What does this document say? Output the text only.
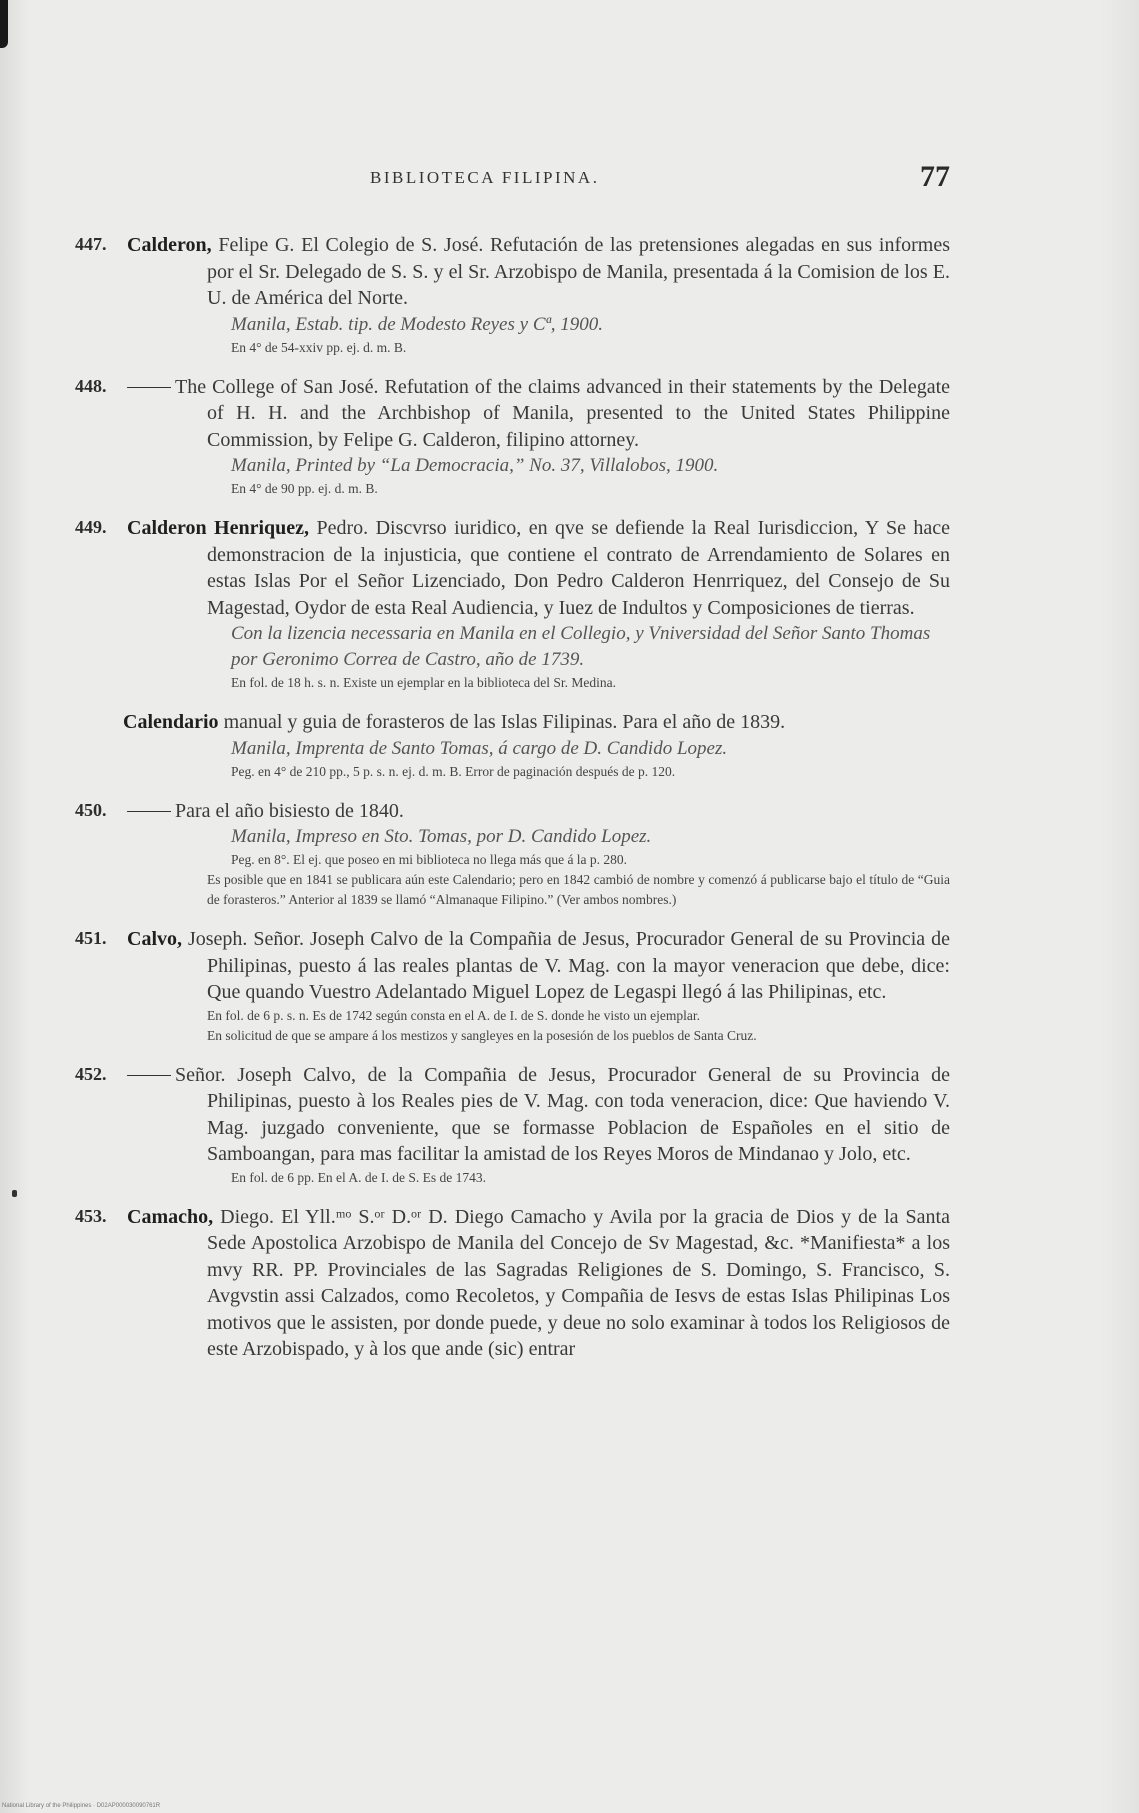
BIBLIOTECA FILIPINA.	77
447.	Calderon, Felipe G. El Colegio de S. José. Refutación de las pretensiones alegadas en sus informes por el Sr. Delegado de S. S. y el Sr. Arzobispo de Manila, presentada á la Comision de los E. U. de América del Norte.
Manila, Estab. tip. de Modesto Reyes y Cª, 1900.
En 4° de 54-xxiv pp. ej. d. m. B.
448.	The College of San José. Refutation of the claims advanced in their statements by the Delegate of H. H. and the Archbishop of Manila, presented to the United States Philippine Commission, by Felipe G. Calderon, filipino attorney.
Manila, Printed by “La Democracia,” No. 37, Villalobos, 1900.
En 4° de 90 pp. ej. d. m. B.
449.	Calderon Henriquez, Pedro. Discvrso iuridico, en qve se defiende la Real Iurisdiccion, Y Se hace demonstracion de la injusticia, que contiene el contrato de Arrendamiento de Solares en estas Islas Por el Señor Lizenciado, Don Pedro Calderon Henrriquez, del Consejo de Su Magestad, Oydor de esta Real Audiencia, y Iuez de Indultos y Composiciones de tierras.
Con la lizencia necessaria en Manila en el Collegio, y Vniversidad del Señor Santo Thomas por Geronimo Correa de Castro, año de 1739.
En fol. de 18 h. s. n. Existe un ejemplar en la biblioteca del Sr. Medina.
Calendario manual y guia de forasteros de las Islas Filipinas. Para el año de 1839.
Manila, Imprenta de Santo Tomas, á cargo de D. Candido Lopez.
Peg. en 4° de 210 pp., 5 p. s. n. ej. d. m. B. Error de paginación después de p. 120.
450.	Para el año bisiesto de 1840.
Manila, Impreso en Sto. Tomas, por D. Candido Lopez.
Peg. en 8°. El ej. que poseo en mi biblioteca no llega más que á la p. 280.
Es posible que en 1841 se publicara aún este Calendario; pero en 1842 cambió de nombre y comenzó á publicarse bajo el título de “Guia de forasteros.” Anterior al 1839 se llamó “Almanaque Filipino.” (Ver ambos nombres.)
451.	Calvo, Joseph. Señor. Joseph Calvo de la Compañia de Jesus, Procurador General de su Provincia de Philipinas, puesto á las reales plantas de V. Mag. con la mayor veneracion que debe, dice: Que quando Vuestro Adelantado Miguel Lopez de Legaspi llegó á las Philipinas, etc.
En fol. de 6 p. s. n. Es de 1742 según consta en el A. de I. de S. donde he visto un ejemplar.
En solicitud de que se ampare á los mestizos y sangleyes en la posesión de los pueblos de Santa Cruz.
452.	Señor. Joseph Calvo, de la Compañia de Jesus, Procurador General de su Provincia de Philipinas, puesto à los Reales pies de V. Mag. con toda veneracion, dice: Que haviendo V. Mag. juzgado conveniente, que se formasse Poblacion de Españoles en el sitio de Samboangan, para mas facilitar la amistad de los Reyes Moros de Mindanao y Jolo, etc.
En fol. de 6 pp. En el A. de I. de S. Es de 1743.
453.	Camacho, Diego. El Yll.ᵐᵒ S.ᵒʳ D.ᵒʳ D. Diego Camacho y Avila por la gracia de Dios y de la Santa Sede Apostolica Arzobispo de Manila del Concejo de Sv Magestad, &c. *Manifiesta* a los mvy RR. PP. Provinciales de las Sagradas Religiones de S. Domingo, S. Francisco, S. Avgvstin assi Calzados, como Recoletos, y Compañia de Iesvs de estas Islas Philipinas Los motivos que le assisten, por donde puede, y deue no solo examinar à todos los Religiosos de este Arzobispado, y à los que ande (sic) entrar
National Library of the Philippines · D02AP000030090761R
